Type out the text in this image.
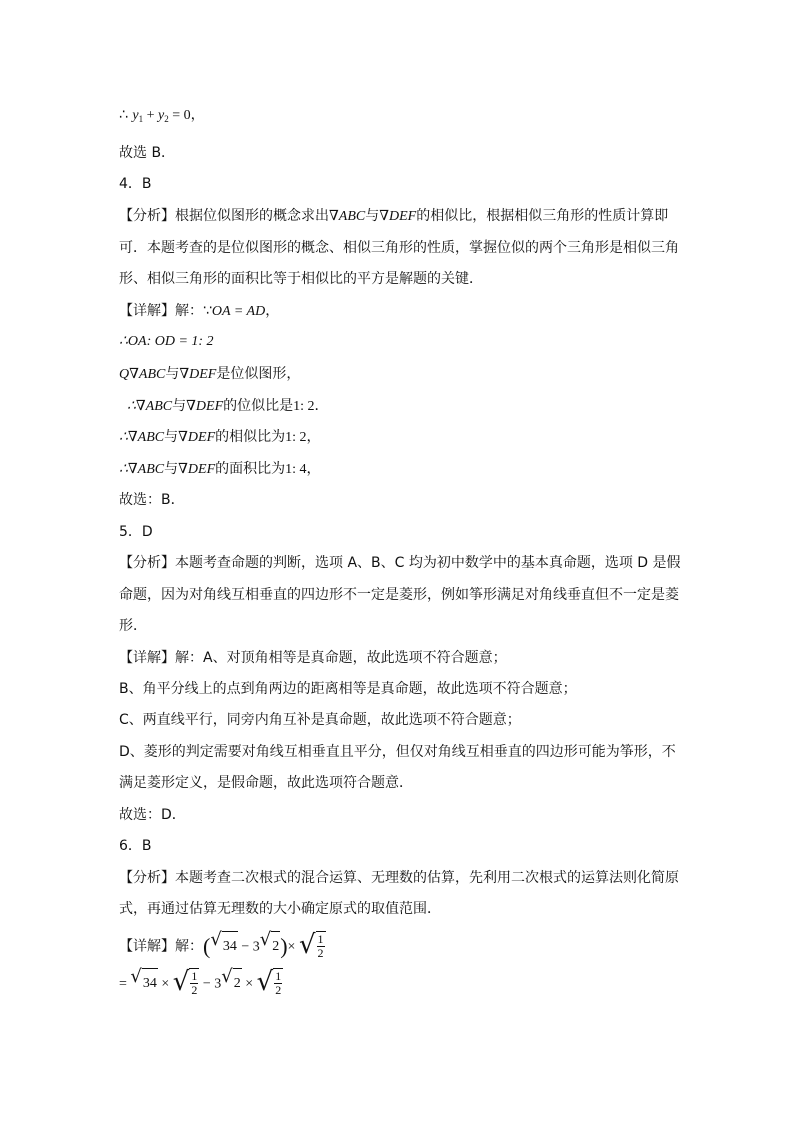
∴ $y_1 + y_2 = 0$，
故选 B．
4．B
【分析】根据位似图形的概念求出∇ABC与∇DEF的相似比，根据相似三角形的性质计算即
可．本题考查的是位似图形的概念、相似三角形的性质，掌握位似的两个三角形是相似三角
形、相似三角形的面积比等于相似比的平方是解题的关键．
【详解】解：∵OA = AD，
∴OA: OD = 1: 2
Q∇ABC与∇DEF是位似图形，
∴∇ABC与∇DEF的位似比是1: 2．
∴∇ABC与∇DEF的相似比为1: 2，
∴∇ABC与∇DEF的面积比为1: 4，
故选：B．
5．D
【分析】本题考查命题的判断，选项 A、B、C 均为初中数学中的基本真命题，选项 D 是假
命题，因为对角线互相垂直的四边形不一定是菱形，例如筝形满足对角线垂直但不一定是菱
形．
【详解】解：A、对顶角相等是真命题，故此选项不符合题意；
B、角平分线上的点到角两边的距离相等是真命题，故此选项不符合题意；
C、两直线平行，同旁内角互补是真命题，故此选项不符合题意；
D、菱形的判定需要对角线互相垂直且平分，但仅对角线互相垂直的四边形可能为筝形，不
满足菱形定义，是假命题，故此选项符合题意．
故选：D．
6．B
【分析】本题考查二次根式的混合运算、无理数的估算，先利用二次根式的运算法则化简原
式，再通过估算无理数的大小确定原式的取值范围．
【详解】解：( √ 34 − 3 √ 2 )× √ $\frac{1}{2}$
= √ 34 × √ $\frac{1}{2} - 3$ √ 2 × √ $\frac{1}{2}$
